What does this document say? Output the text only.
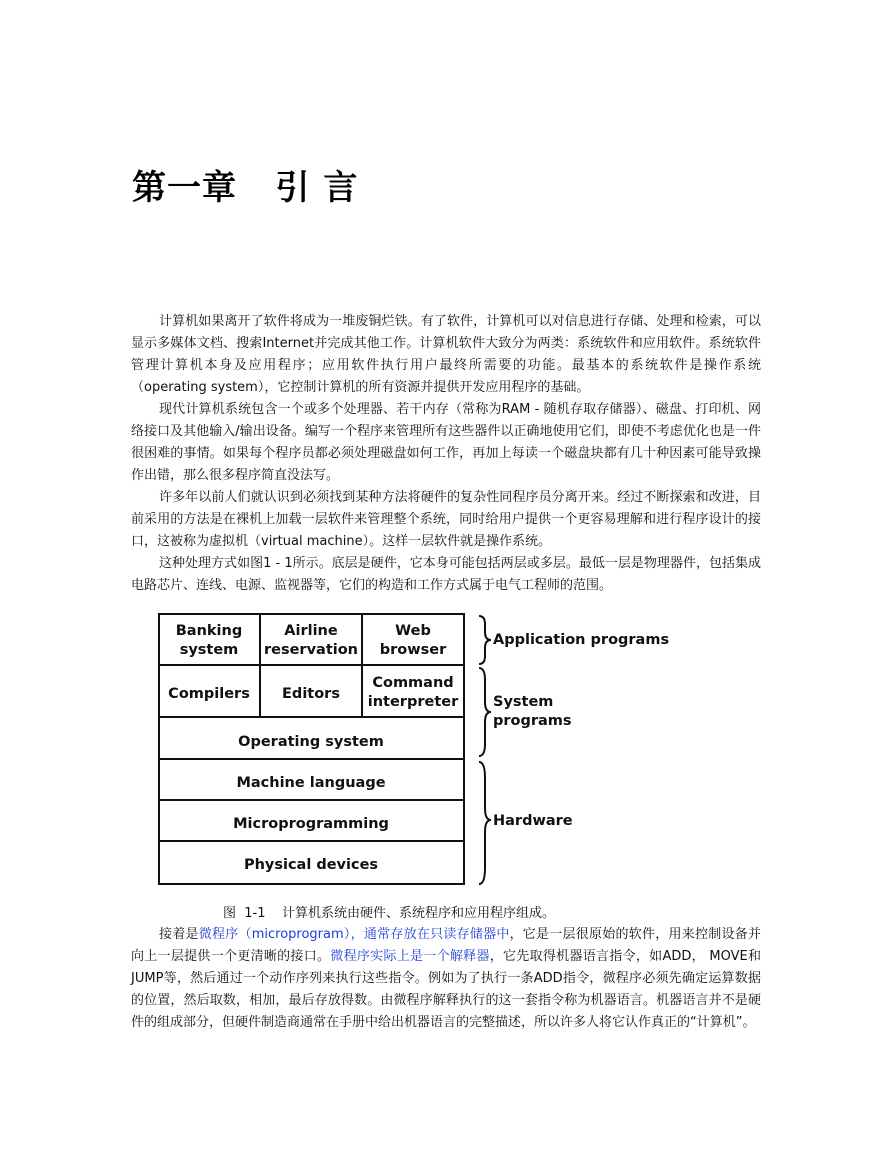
第一章   引 言

计算机如果离开了软件将成为一堆废铜烂铁。有了软件，计算机可以对信息进行存储、处理和检索，可以显示多媒体文档、搜索Internet并完成其他工作。计算机软件大致分为两类：系统软件和应用软件。系统软件管理计算机本身及应用程序；应用软件执行用户最终所需要的功能。最基本的系统软件是操作系统（operating system），它控制计算机的所有资源并提供开发应用程序的基础。

现代计算机系统包含一个或多个处理器、若干内存（常称为RAM - 随机存取存储器）、磁盘、打印机、网络接口及其他输入/输出设备。编写一个程序来管理所有这些器件以正确地使用它们，即使不考虑优化也是一件很困难的事情。如果每个程序员都必须处理磁盘如何工作，再加上每读一个磁盘块都有几十种因素可能导致操作出错，那么很多程序简直没法写。

许多年以前人们就认识到必须找到某种方法将硬件的复杂性同程序员分离开来。经过不断探索和改进，目前采用的方法是在裸机上加载一层软件来管理整个系统，同时给用户提供一个更容易理解和进行程序设计的接口，这被称为虚拟机（virtual machine）。这样一层软件就是操作系统。

这种处理方式如图1 - 1所示。底层是硬件，它本身可能包括两层或多层。最低一层是物理器件，包括集成电路芯片、连线、电源、监视器等，它们的构造和工作方式属于电气工程师的范围。

Banking
system
Airline
reservation
Web
browser
Compilers Editors
Command
interpreter
Operating system
Machine language
Microprogramming
Physical devices
Application programs
System
programs
Hardware

图  1-1    计算机系统由硬件、系统程序和应用程序组成。

接着是微程序（microprogram），通常存放在只读存储器中，它是一层很原始的软件，用来控制设备并向上一层提供一个更清晰的接口。微程序实际上是一个解释器，它先取得机器语言指令，如ADD， MOVE和JUMP等，然后通过一个动作序列来执行这些指令。例如为了执行一条ADD指令，微程序必须先确定运算数据的位置，然后取数，相加，最后存放得数。由微程序解释执行的这一套指令称为机器语言。机器语言并不是硬件的组成部分，但硬件制造商通常在手册中给出机器语言的完整描述，所以许多人将它认作真正的“计算机”。
